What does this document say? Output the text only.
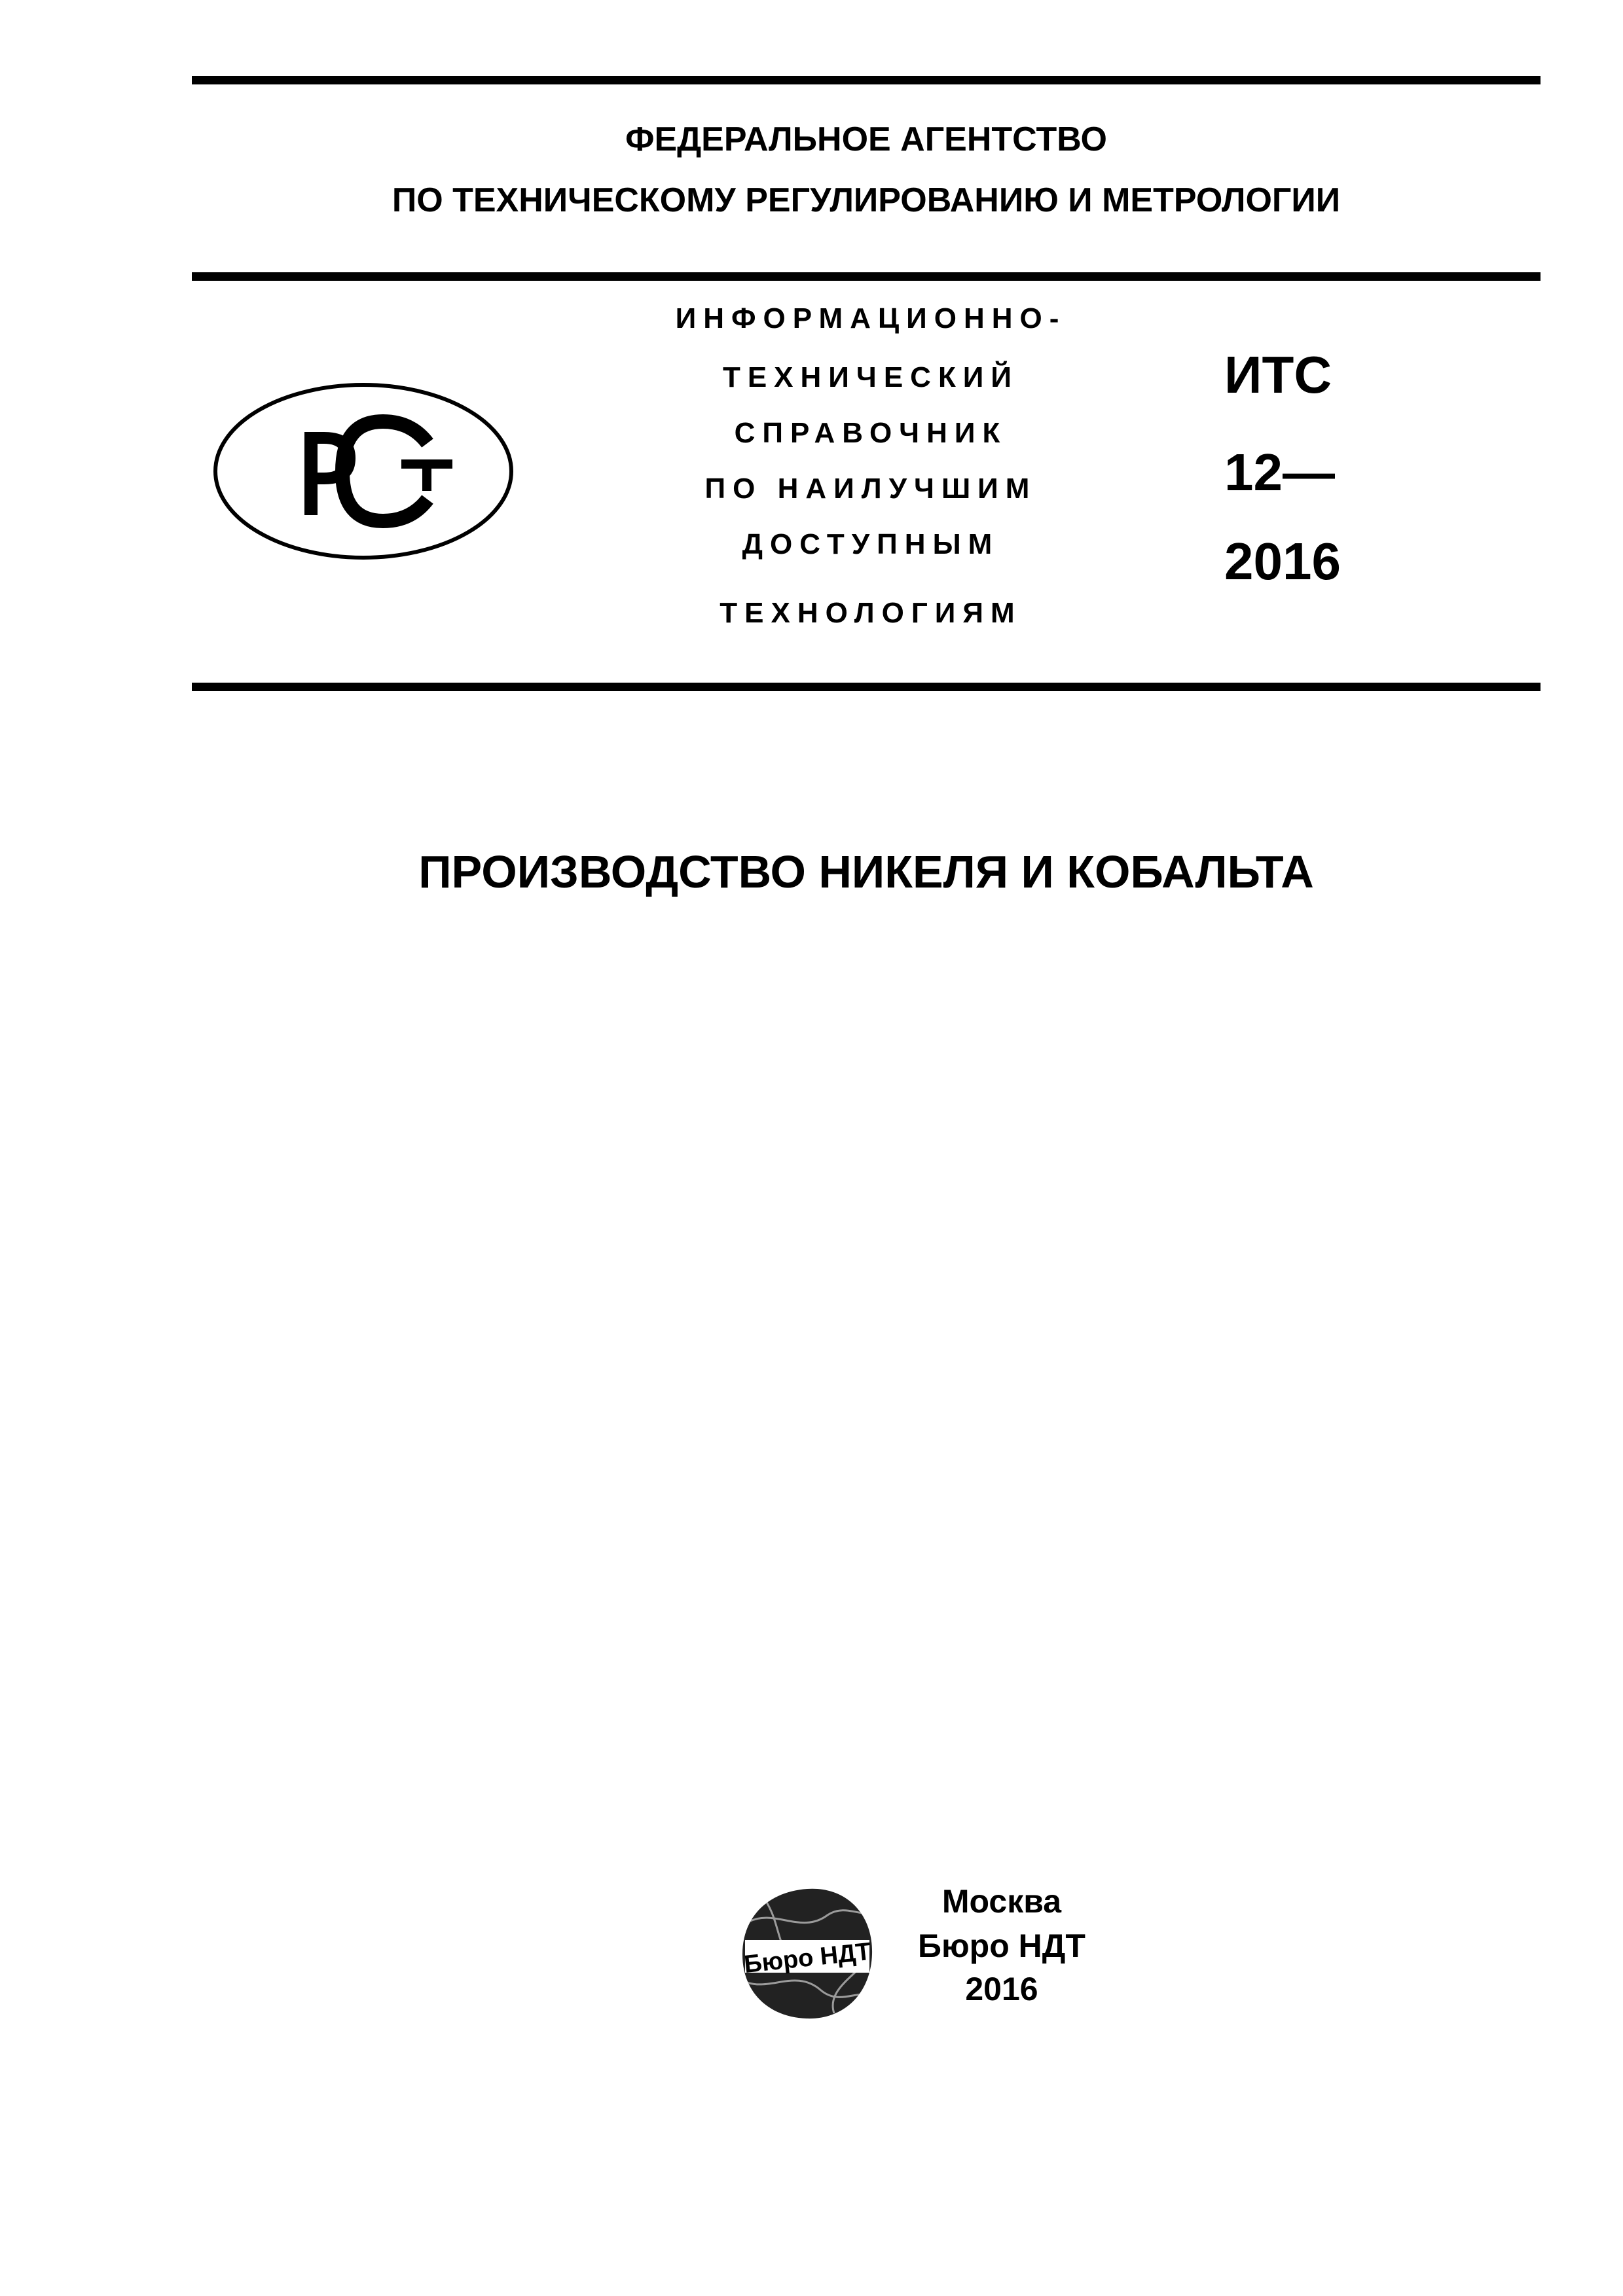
ФЕДЕРАЛЬНОЕ АГЕНТСТВО
ПО ТЕХНИЧЕСКОМУ РЕГУЛИРОВАНИЮ И МЕТРОЛОГИИ
ИНФОРМАЦИОННО-
ТЕХНИЧЕСКИЙ
СПРАВОЧНИК
ПО НАИЛУЧШИМ
ДОСТУПНЫМ
ТЕХНОЛОГИЯМ
ИТС
12—
2016
ПРОИЗВОДСТВО НИКЕЛЯ И КОБАЛЬТА
Бюро НДТ
Москва
Бюро НДТ
2016
